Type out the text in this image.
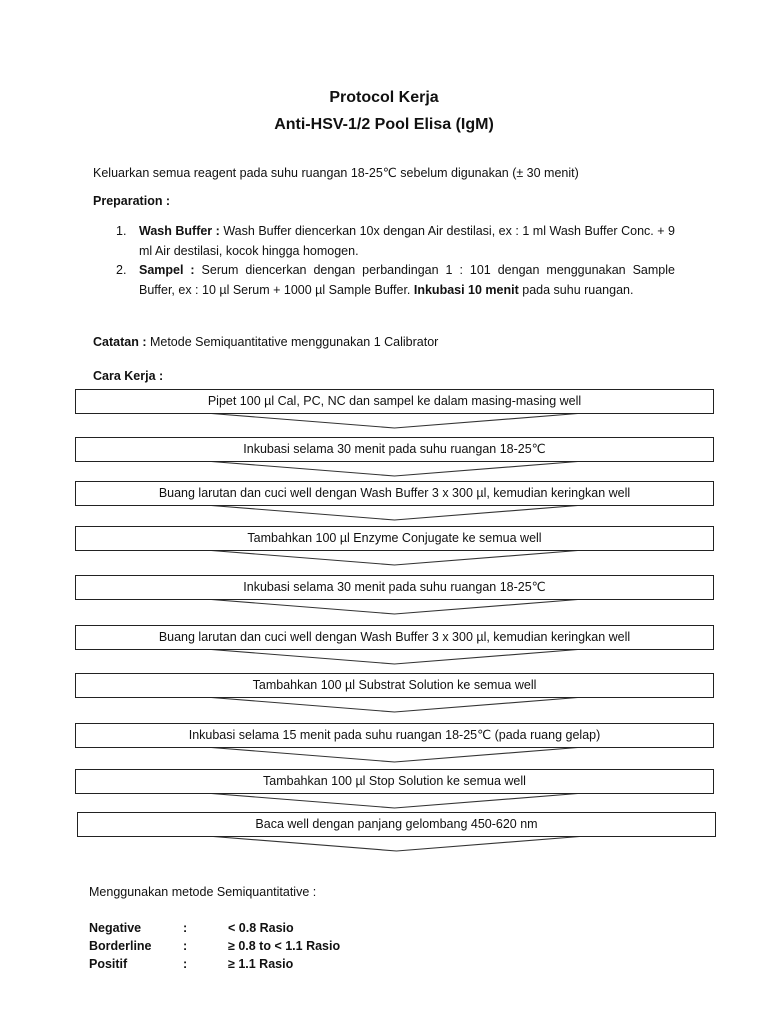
Protocol Kerja
Anti-HSV-1/2 Pool Elisa (IgM)
Keluarkan semua reagent pada suhu ruangan 18-25℃ sebelum digunakan (± 30 menit)
Preparation :
1. Wash Buffer : Wash Buffer diencerkan 10x dengan Air destilasi, ex : 1 ml Wash Buffer Conc. + 9 ml Air destilasi, kocok hingga homogen.
2. Sampel : Serum diencerkan dengan perbandingan 1 : 101 dengan menggunakan Sample Buffer, ex : 10 µl Serum + 1000 µl Sample Buffer. Inkubasi 10 menit pada suhu ruangan.
Catatan : Metode Semiquantitative menggunakan 1 Calibrator
Cara Kerja :
Pipet 100 µl Cal, PC, NC dan sampel ke dalam masing-masing well
Inkubasi selama 30 menit pada suhu ruangan 18-25℃
Buang larutan dan cuci well dengan Wash Buffer 3 x 300 µl, kemudian keringkan well
Tambahkan 100 µl Enzyme Conjugate ke semua well
Inkubasi selama 30 menit pada suhu ruangan 18-25℃
Buang larutan dan cuci well dengan Wash Buffer 3 x 300 µl, kemudian keringkan well
Tambahkan 100 µl Substrat Solution ke semua well
Inkubasi selama 15 menit pada suhu ruangan 18-25℃ (pada ruang gelap)
Tambahkan 100 µl Stop Solution ke semua well
Baca well dengan panjang gelombang 450-620 nm
Menggunakan metode Semiquantitative :
Negative	:	< 0.8 Rasio
Borderline	:	≥ 0.8 to < 1.1 Rasio
Positif	:	≥ 1.1 Rasio
